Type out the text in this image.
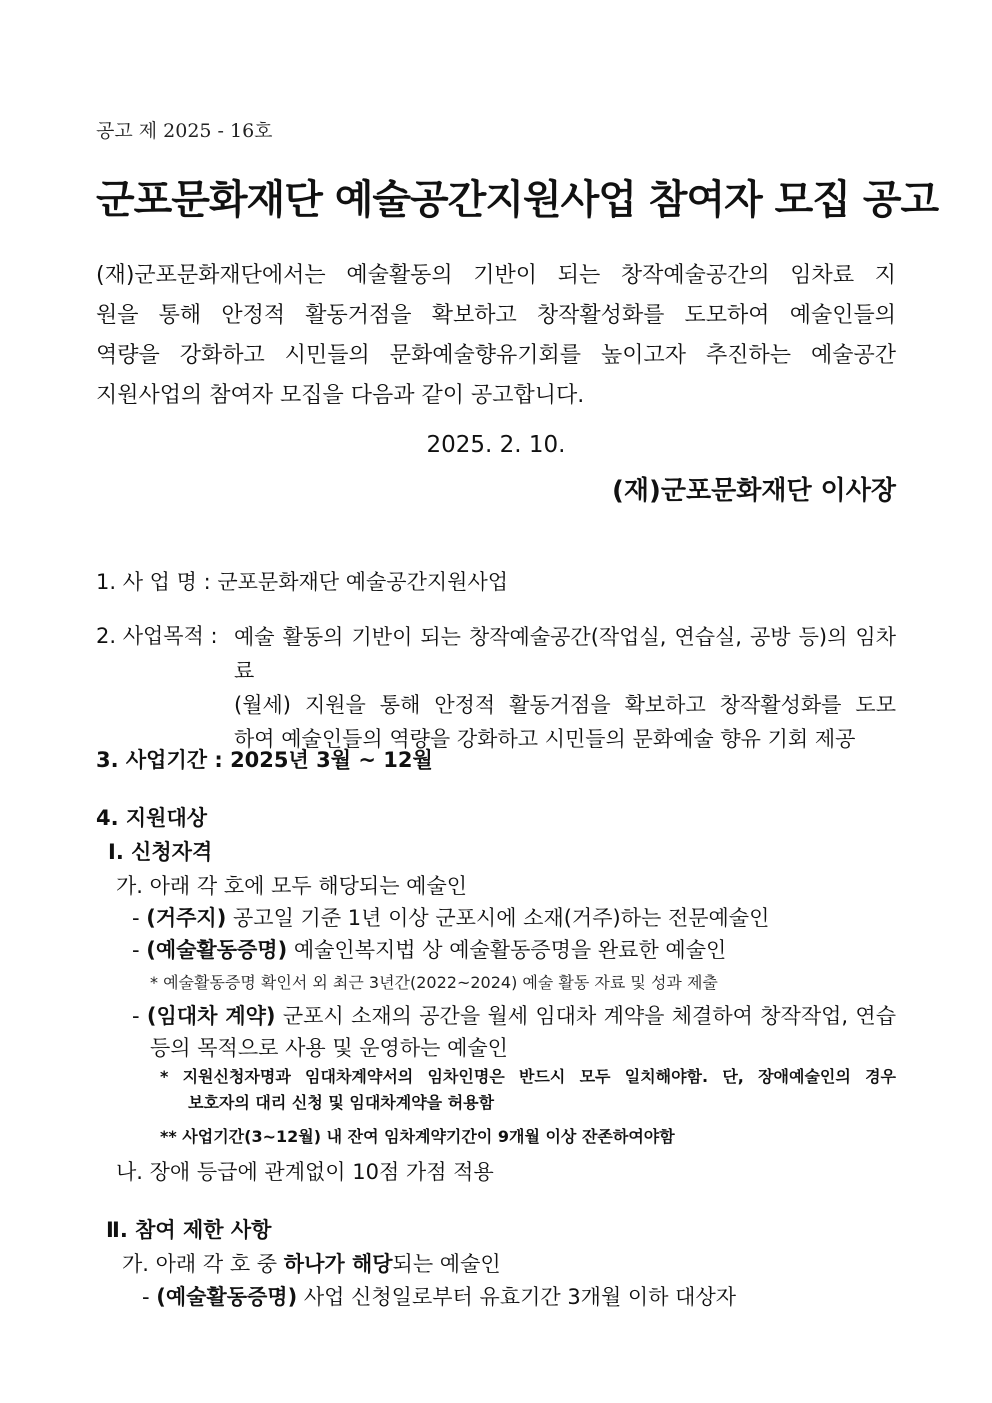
공고 제 2025 - 16호
군포문화재단 예술공간지원사업 참여자 모집 공고

(재)군포문화재단에서는 예술활동의 기반이 되는 창작예술공간의 임차료 지

원을 통해 안정적 활동거점을 확보하고 창작활성화를 도모하여 예술인들의

역량을 강화하고 시민들의 문화예술향유기회를 높이고자 추진하는 예술공간

지원사업의 참여자 모집을 다음과 같이 공고합니다.

2025. 2. 10.
(재)군포문화재단 이사장
1. 사 업 명 : 군포문화재단 예술공간지원사업
2. 사업목적 : 예술 활동의 기반이 되는 창작예술공간(작업실, 연습실, 공방 등)의 임차료

(월세) 지원을 통해 안정적 활동거점을 확보하고 창작활성화를 도모

하여 예술인들의 역량을 강화하고 시민들의 문화예술 향유 기회 제공

3. 사업기간 : 2025년 3월 ~ 12월
4. 지원대상
Ⅰ. 신청자격
가. 아래 각 호에 모두 해당되는 예술인
- (거주지) 공고일 기준 1년 이상 군포시에 소재(거주)하는 전문예술인
- (예술활동증명) 예술인복지법 상 예술활동증명을 완료한 예술인
* 예술활동증명 확인서 외 최근 3년간(2022~2024) 예술 활동 자료 및 성과 제출

- (임대차 계약) 군포시 소재의 공간을 월세 임대차 계약을 체결하여 창작작업, 연습

등의 목적으로 사용 및 운영하는 예술인

* 지원신청자명과 임대차계약서의 임차인명은 반드시 모두 일치해야함. 단, 장애예술인의 경우

보호자의 대리 신청 및 임대차계약을 허용함

** 사업기간(3~12월) 내 잔여 임차계약기간이 9개월 이상 잔존하여야함
나. 장애 등급에 관계없이 10점 가점 적용
Ⅱ. 참여 제한 사항
가. 아래 각 호 중 하나가 해당되는 예술인
- (예술활동증명) 사업 신청일로부터 유효기간 3개월 이하 대상자
